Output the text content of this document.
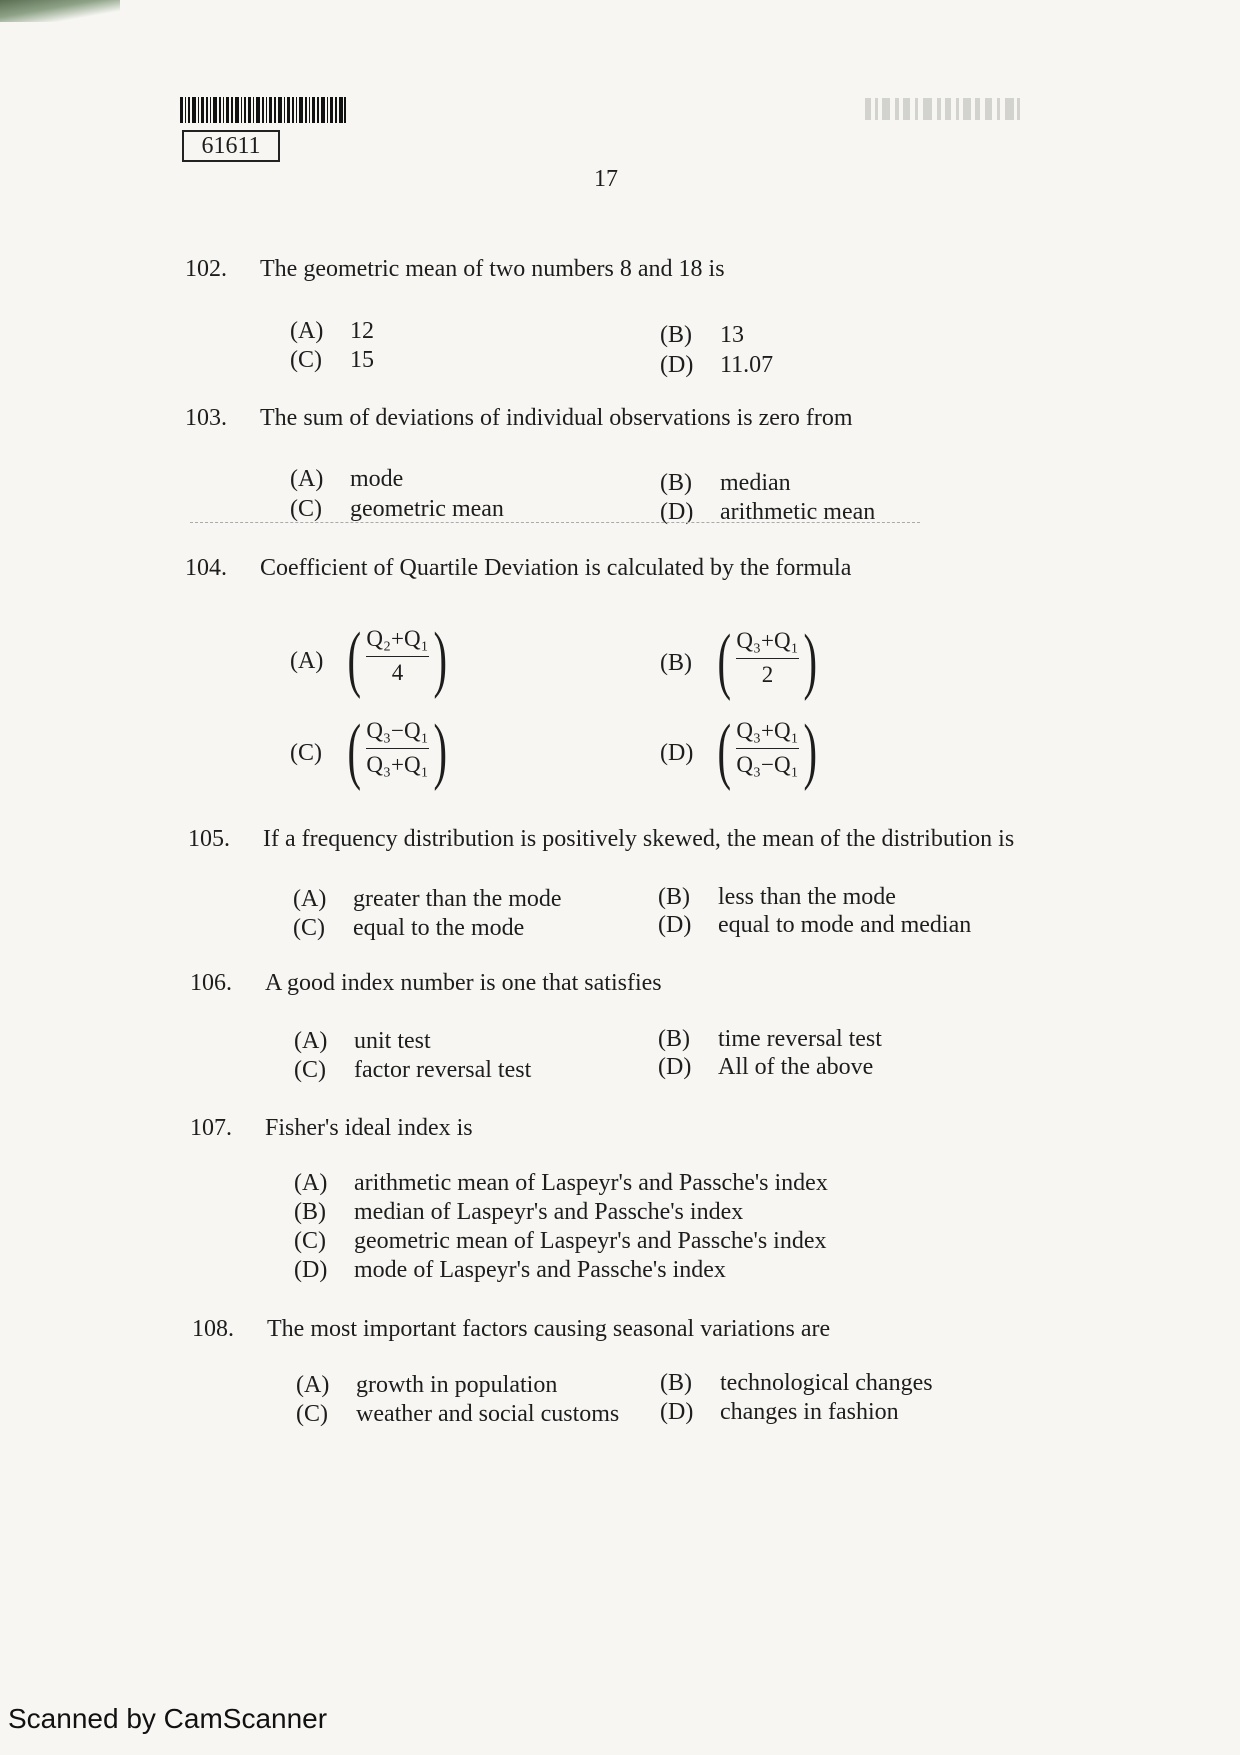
61611
17
102. The geometric mean of two numbers 8 and 18 is
(A) 12	(B) 13
(C) 15	(D) 11.07
103. The sum of deviations of individual observations is zero from
(A) mode	(B) median
(C) geometric mean	(D) arithmetic mean
104. Coefficient of Quartile Deviation is calculated by the formula
(A) ( )
Q₂+Q₁
4	(B) ( )
Q₃+Q₁
2
(C) ( )
Q₃−Q₁
Q₃+Q₁	(D) ( )
Q₃+Q₁
Q₃−Q₁
105. If a frequency distribution is positively skewed, the mean of the distribution is
(A) greater than the mode	(B) less than the mode
(C) equal to the mode	(D) equal to mode and median
106. A good index number is one that satisfies
(A) unit test	(B) time reversal test
(C) factor reversal test	(D) All of the above
107. Fisher's ideal index is
(A) arithmetic mean of Laspeyr's and Passche's index
(B) median of Laspeyr's and Passche's index
(C) geometric mean of Laspeyr's and Passche's index
(D) mode of Laspeyr's and Passche's index
108. The most important factors causing seasonal variations are
(A) growth in population	(B) technological changes
(C) weather and social customs (D) changes in fashion
Scanned by CamScanner
